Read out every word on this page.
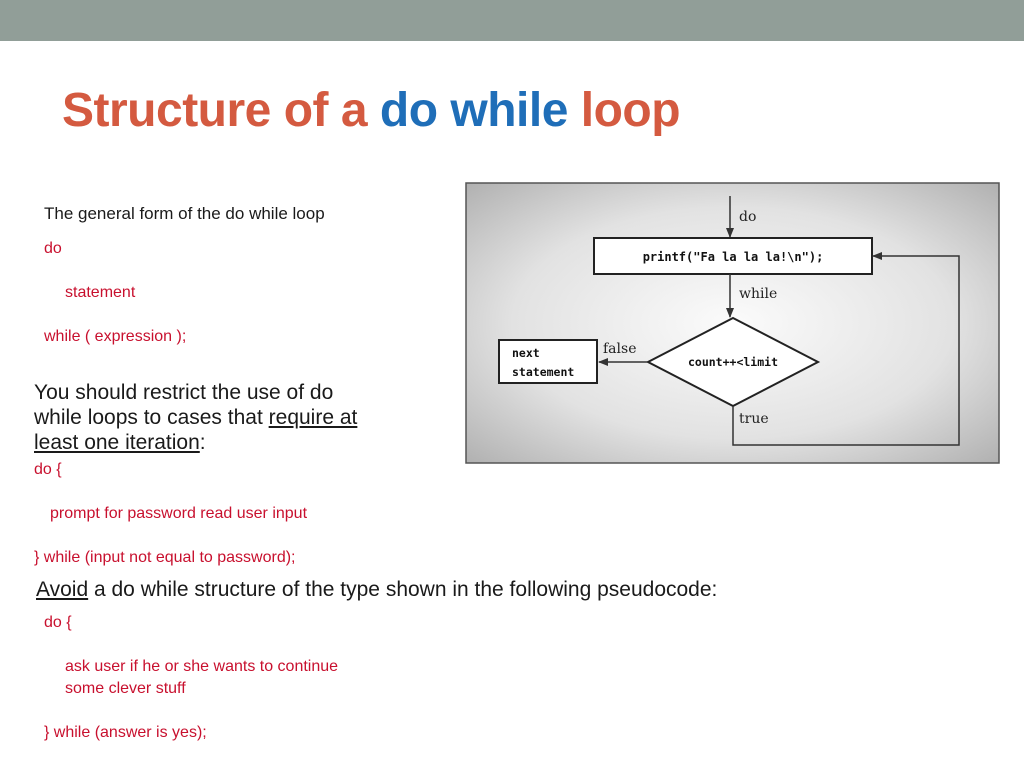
Structure of a do while loop

The general form of the do while loop

do

statement

while ( expression );

You should restrict the use of do

while loops to cases that require at

least one iteration:

do {

prompt for password read user input

} while (input not equal to password);

Avoid a do while structure of the type shown in the following pseudocode:

do {

ask user if he or she wants to continue

some clever stuff

} while (answer is yes);

do
printf("Fa la la la!\n");
while
count++<limit
false
next
statement
true
